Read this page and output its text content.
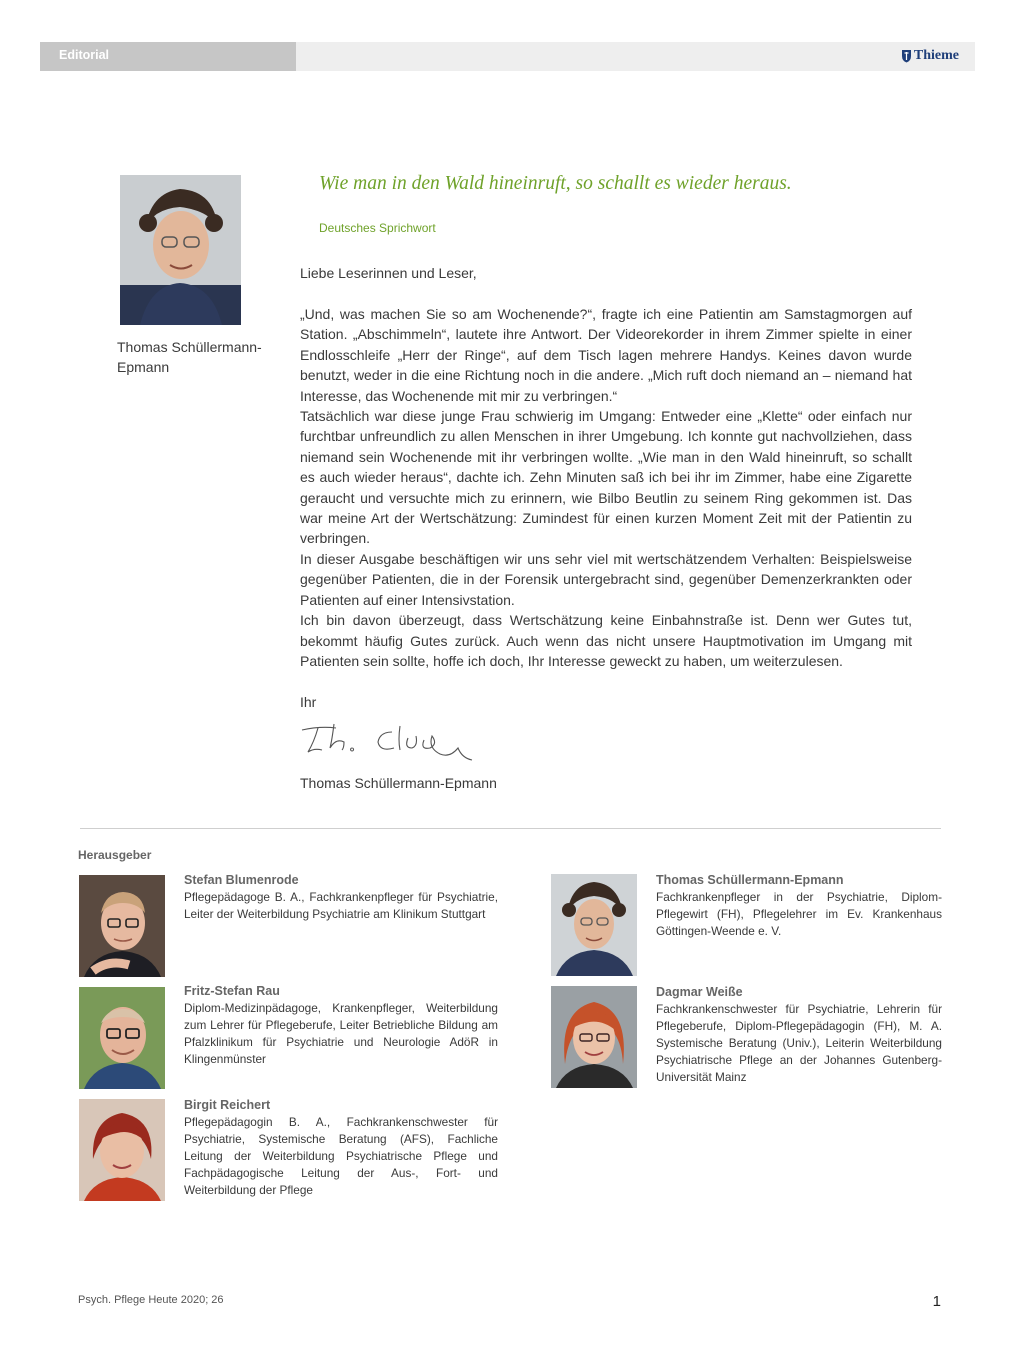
Editorial	Thieme
Thomas Schüllermann-Epmann
Wie man in den Wald hineinruft, so schallt es wieder heraus.
Deutsches Sprichwort
Liebe Leserinnen und Leser,

„Und, was machen Sie so am Wochenende?“, fragte ich eine Patientin am Samstagmorgen auf Station. „Abschimmeln“, lautete ihre Antwort. Der Videorekorder in ihrem Zimmer spielte in einer Endlosschleife „Herr der Ringe“, auf dem Tisch lagen mehrere Handys. Keines davon wurde benutzt, weder in die eine Richtung noch in die andere. „Mich ruft doch niemand an – niemand hat Interesse, das Wochenende mit mir zu verbringen.“

Tatsächlich war diese junge Frau schwierig im Umgang: Entweder eine „Klette“ oder einfach nur furchtbar unfreundlich zu allen Menschen in ihrer Umgebung. Ich konnte gut nachvollziehen, dass niemand sein Wochenende mit ihr verbringen wollte. „Wie man in den Wald hineinruft, so schallt es auch wieder heraus“, dachte ich. Zehn Minuten saß ich bei ihr im Zimmer, habe eine Zigarette geraucht und versuchte mich zu erinnern, wie Bilbo Beutlin zu seinem Ring gekommen ist. Das war meine Art der Wertschätzung: Zumindest für einen kurzen Moment Zeit mit der Patientin zu verbringen.

In dieser Ausgabe beschäftigen wir uns sehr viel mit wertschätzendem Verhalten: Beispielsweise gegenüber Patienten, die in der Forensik untergebracht sind, gegenüber Demenzerkrankten oder Patienten auf einer Intensivstation.

Ich bin davon überzeugt, dass Wertschätzung keine Einbahnstraße ist. Denn wer Gutes tut, bekommt häufig Gutes zurück. Auch wenn das nicht unsere Hauptmotivation im Umgang mit Patienten sein sollte, hoffe ich doch, Ihr Interesse geweckt zu haben, um weiterzulesen.

Ihr
Thomas Schüllermann-Epmann
Herausgeber
Stefan Blumenrode
Pflegepädagoge B. A., Fachkrankenpfleger für Psychiatrie, Leiter der Weiterbildung Psychiatrie am Klinikum Stuttgart
Fritz-Stefan Rau
Diplom-Medizinpädagoge, Krankenpfleger, Weiterbildung zum Lehrer für Pflegeberufe, Leiter Betriebliche Bildung am Pfalzklinikum für Psychiatrie und Neurologie AdöR in Klingenmünster
Birgit Reichert
Pflegepädagogin B. A., Fachkrankenschwester für Psychiatrie, Systemische Beratung (AFS), Fachliche Leitung der Weiterbildung Psychiatrische Pflege und Fachpädagogische Leitung der Aus-, Fort- und Weiterbildung der Pflege
Thomas Schüllermann-Epmann
Fachkrankenpfleger in der Psychiatrie, Diplom-Pflegewirt (FH), Pflegelehrer im Ev. Krankenhaus Göttingen-Weende e. V.
Dagmar Weiße
Fachkrankenschwester für Psychiatrie, Lehrerin für Pflegeberufe, Diplom-Pflegepädagogin (FH), M. A. Systemische Beratung (Univ.), Leiterin Weiterbildung Psychiatrische Pflege an der Johannes Gutenberg-Universität Mainz
Psych. Pflege Heute 2020; 26	1
